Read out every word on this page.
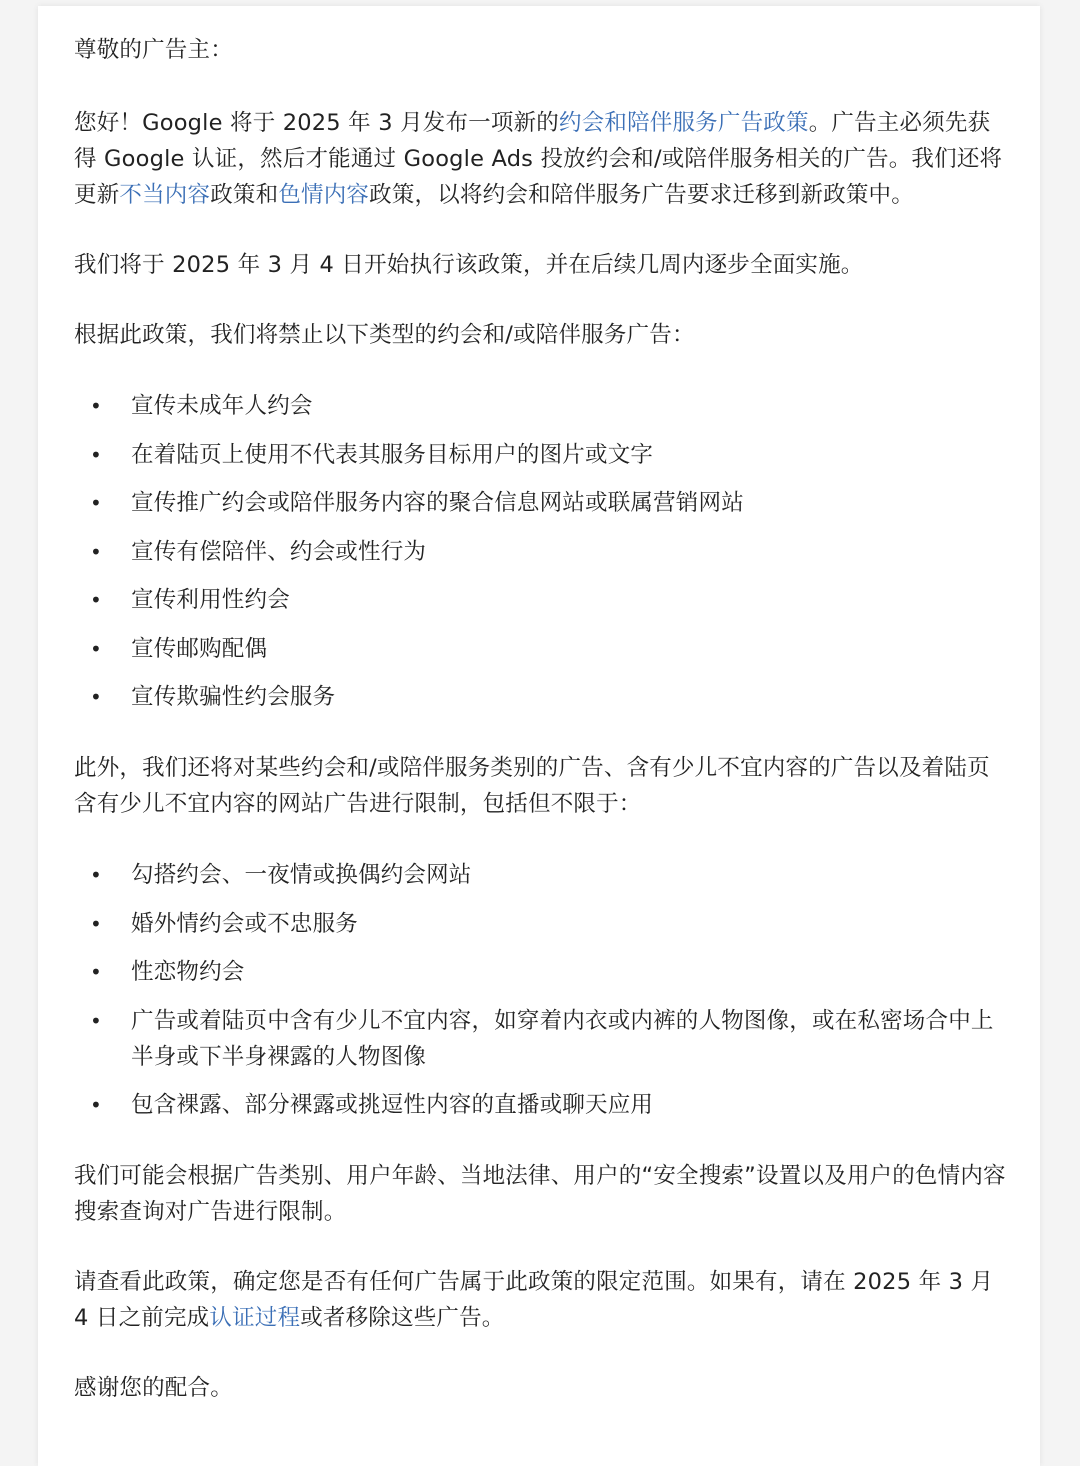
尊敬的广告主：

您好！Google 将于 2025 年 3 月发布一项新的约会和陪伴服务广告政策。广告主必须先获得 Google 认证，然后才能通过 Google Ads 投放约会和/或陪伴服务相关的广告。我们还将更新不当内容政策和色情内容政策，以将约会和陪伴服务广告要求迁移到新政策中。

我们将于 2025 年 3 月 4 日开始执行该政策，并在后续几周内逐步全面实施。

根据此政策，我们将禁止以下类型的约会和/或陪伴服务广告：

• 宣传未成年人约会
• 在着陆页上使用不代表其服务目标用户的图片或文字
• 宣传推广约会或陪伴服务内容的聚合信息网站或联属营销网站
• 宣传有偿陪伴、约会或性行为
• 宣传利用性约会
• 宣传邮购配偶
• 宣传欺骗性约会服务

此外，我们还将对某些约会和/或陪伴服务类别的广告、含有少儿不宜内容的广告以及着陆页含有少儿不宜内容的网站广告进行限制，包括但不限于：

• 勾搭约会、一夜情或换偶约会网站
• 婚外情约会或不忠服务
• 性恋物约会
• 广告或着陆页中含有少儿不宜内容，如穿着内衣或内裤的人物图像，或在私密场合中上半身或下半身裸露的人物图像
• 包含裸露、部分裸露或挑逗性内容的直播或聊天应用

我们可能会根据广告类别、用户年龄、当地法律、用户的“安全搜索”设置以及用户的色情内容搜索查询对广告进行限制。

请查看此政策，确定您是否有任何广告属于此政策的限定范围。如果有，请在 2025 年 3 月 4 日之前完成认证过程或者移除这些广告。

感谢您的配合。
